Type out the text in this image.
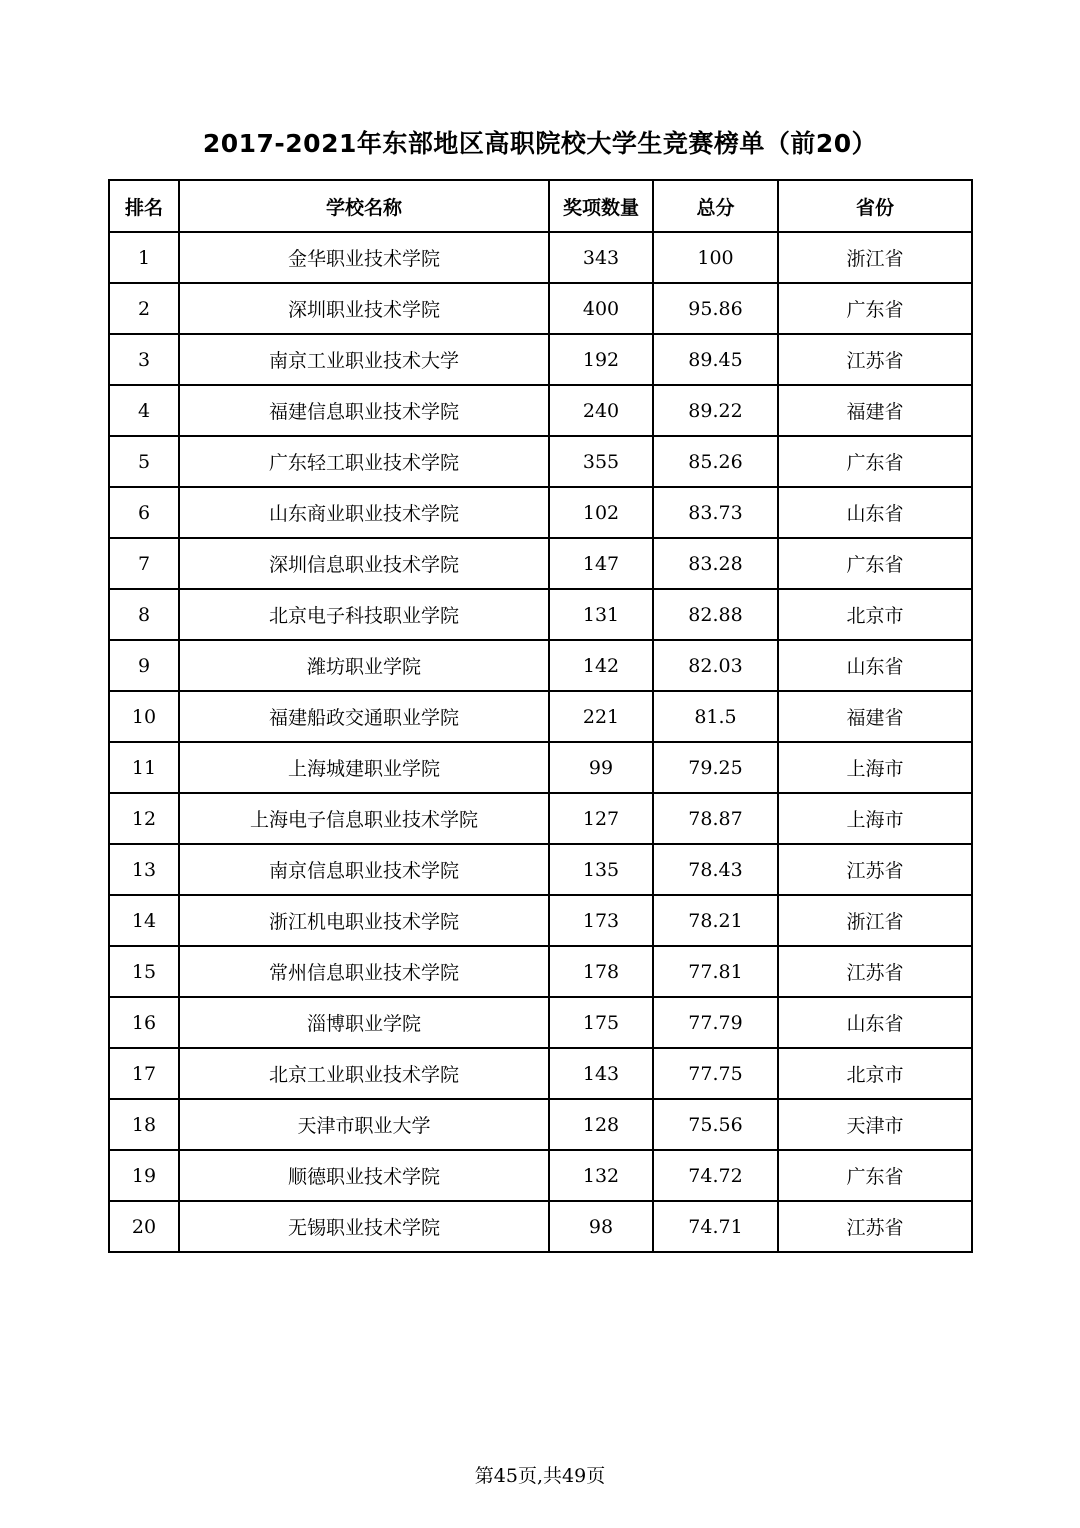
2017-2021年东部地区高职院校大学生竞赛榜单（前20）
排名	学校名称	奖项数量	总分	省份
1	金华职业技术学院	343	100	浙江省
2	深圳职业技术学院	400	95.86	广东省
3	南京工业职业技术大学	192	89.45	江苏省
4	福建信息职业技术学院	240	89.22	福建省
5	广东轻工职业技术学院	355	85.26	广东省
6	山东商业职业技术学院	102	83.73	山东省
7	深圳信息职业技术学院	147	83.28	广东省
8	北京电子科技职业学院	131	82.88	北京市
9	潍坊职业学院	142	82.03	山东省
10	福建船政交通职业学院	221	81.5	福建省
11	上海城建职业学院	99	79.25	上海市
12	上海电子信息职业技术学院	127	78.87	上海市
13	南京信息职业技术学院	135	78.43	江苏省
14	浙江机电职业技术学院	173	78.21	浙江省
15	常州信息职业技术学院	178	77.81	江苏省
16	淄博职业学院	175	77.79	山东省
17	北京工业职业技术学院	143	77.75	北京市
18	天津市职业大学	128	75.56	天津市
19	顺德职业技术学院	132	74.72	广东省
20	无锡职业技术学院	98	74.71	江苏省
第45页,共49页
